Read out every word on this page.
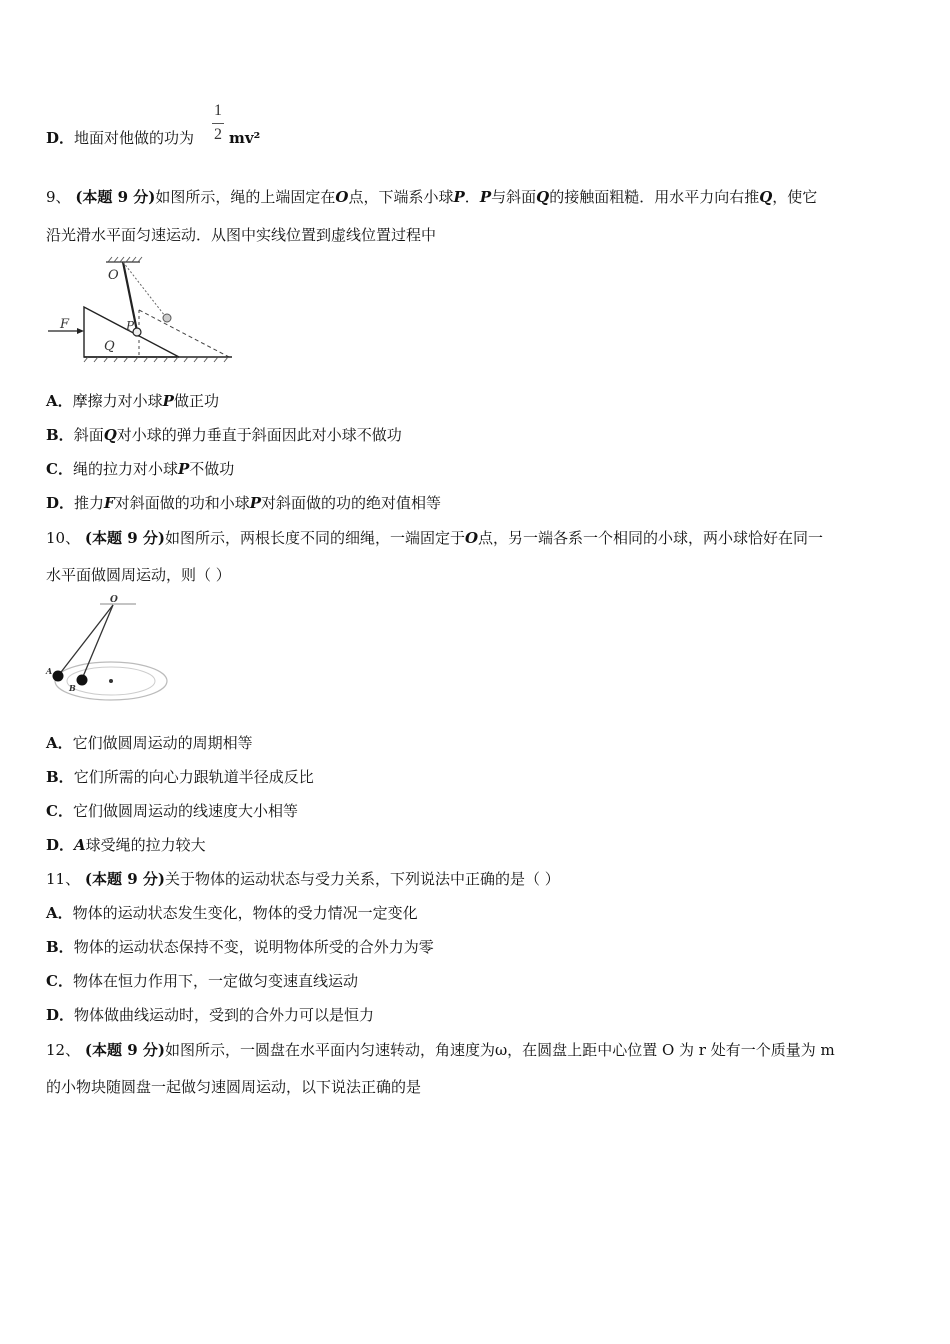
D．地面对他做的功为
1
2 mv²
9、 (本题 9 分)如图所示，绳的上端固定在O点，下端系小球P．P与斜面Q的接触面粗糙．用水平力向右推Q，使它
沿光滑水平面匀速运动．从图中实线位置到虚线位置过程中
O
P
F
Q
A．摩擦力对小球P做正功
B．斜面Q对小球的弹力垂直于斜面因此对小球不做功
C．绳的拉力对小球P不做功
D．推力F对斜面做的功和小球P对斜面做的功的绝对值相等
10、 (本题 9 分)如图所示，两根长度不同的细绳，一端固定于O点，另一端各系一个相同的小球，两小球恰好在同一
水平面做圆周运动，则（ ）
O
A
B
A．它们做圆周运动的周期相等
B．它们所需的向心力跟轨道半径成反比
C．它们做圆周运动的线速度大小相等
D．A球受绳的拉力较大
11、 (本题 9 分)关于物体的运动状态与受力关系，下列说法中正确的是（ ）
A．物体的运动状态发生变化，物体的受力情况一定变化
B．物体的运动状态保持不变，说明物体所受的合外力为零
C．物体在恒力作用下，一定做匀变速直线运动
D．物体做曲线运动时，受到的合外力可以是恒力
12、 (本题 9 分)如图所示，一圆盘在水平面内匀速转动，角速度为ω，在圆盘上距中心位置 O 为 r 处有一个质量为 m
的小物块随圆盘一起做匀速圆周运动，以下说法正确的是
